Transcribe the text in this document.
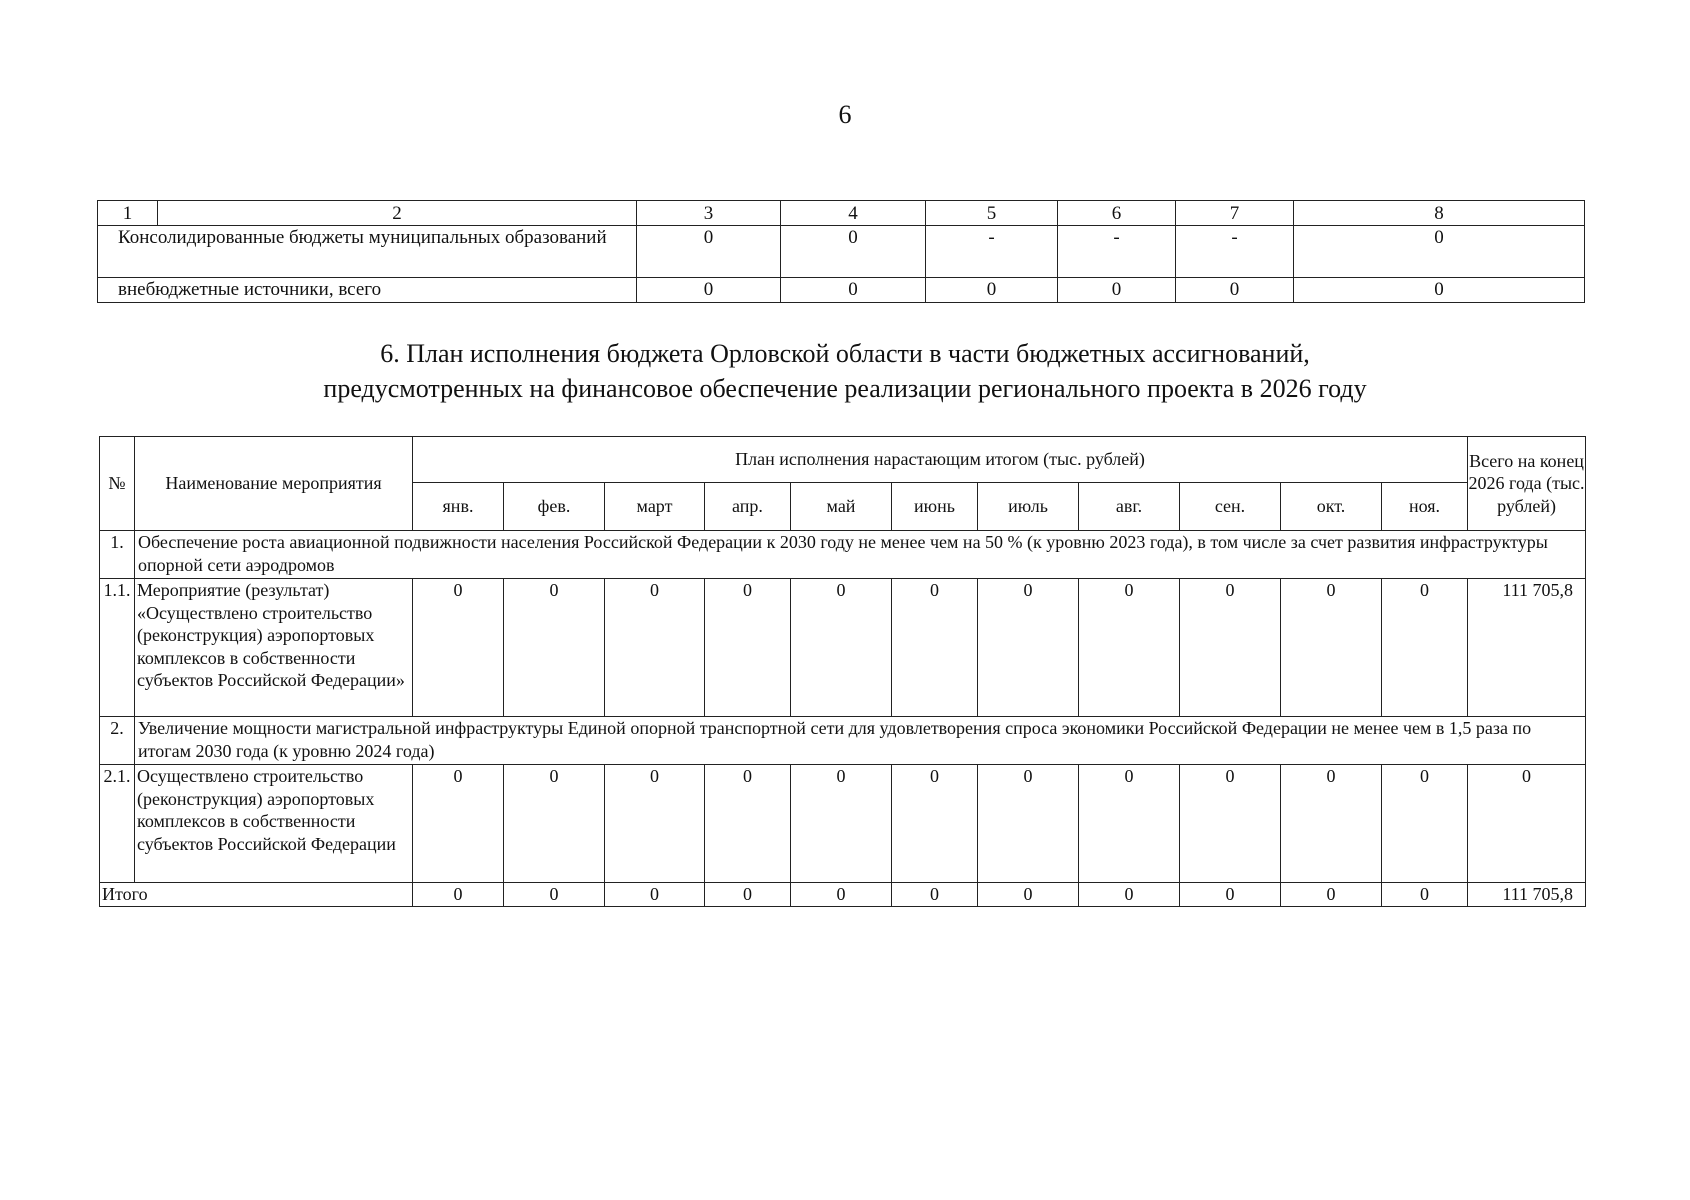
6
1	2	3	4	5	6	7	8
Консолидированные бюджеты муниципальных образований		0	0	-	-	-	0
внебюджетные источники, всего		0	0	0	0	0	0
6. План исполнения бюджета Орловской области в части бюджетных ассигнований,
предусмотренных на финансовое обеспечение реализации регионального проекта в 2026 году
№	Наименование мероприятия	План исполнения нарастающим итогом (тыс. рублей)											Всего на конец 2026 года (тыс. рублей)
		янв.	фев.	март	апр.	май	июнь	июль	авг.	сен.	окт.	ноя.	
1.	Обеспечение роста авиационной подвижности населения Российской Федерации к 2030 году не менее чем на 50 % (к уровню 2023 года), в том числе за счет развития инфраструктуры опорной сети аэродромов												
1.1.	Мероприятие (результат) «Осуществлено строительство (реконструкция) аэропортовых комплексов в собственности субъектов Российской Федерации»	0	0	0	0	0	0	0	0	0	0	0	111 705,8
2.	Увеличение мощности магистральной инфраструктуры Единой опорной транспортной сети для удовлетворения спроса экономики Российской Федерации не менее чем в 1,5 раза по итогам 2030 года (к уровню 2024 года)												
2.1.	Осуществлено строительство (реконструкция) аэропортовых комплексов в собственности субъектов Российской Федерации	0	0	0	0	0	0	0	0	0	0	0	0
Итого		0	0	0	0	0	0	0	0	0	0	0	111 705,8
